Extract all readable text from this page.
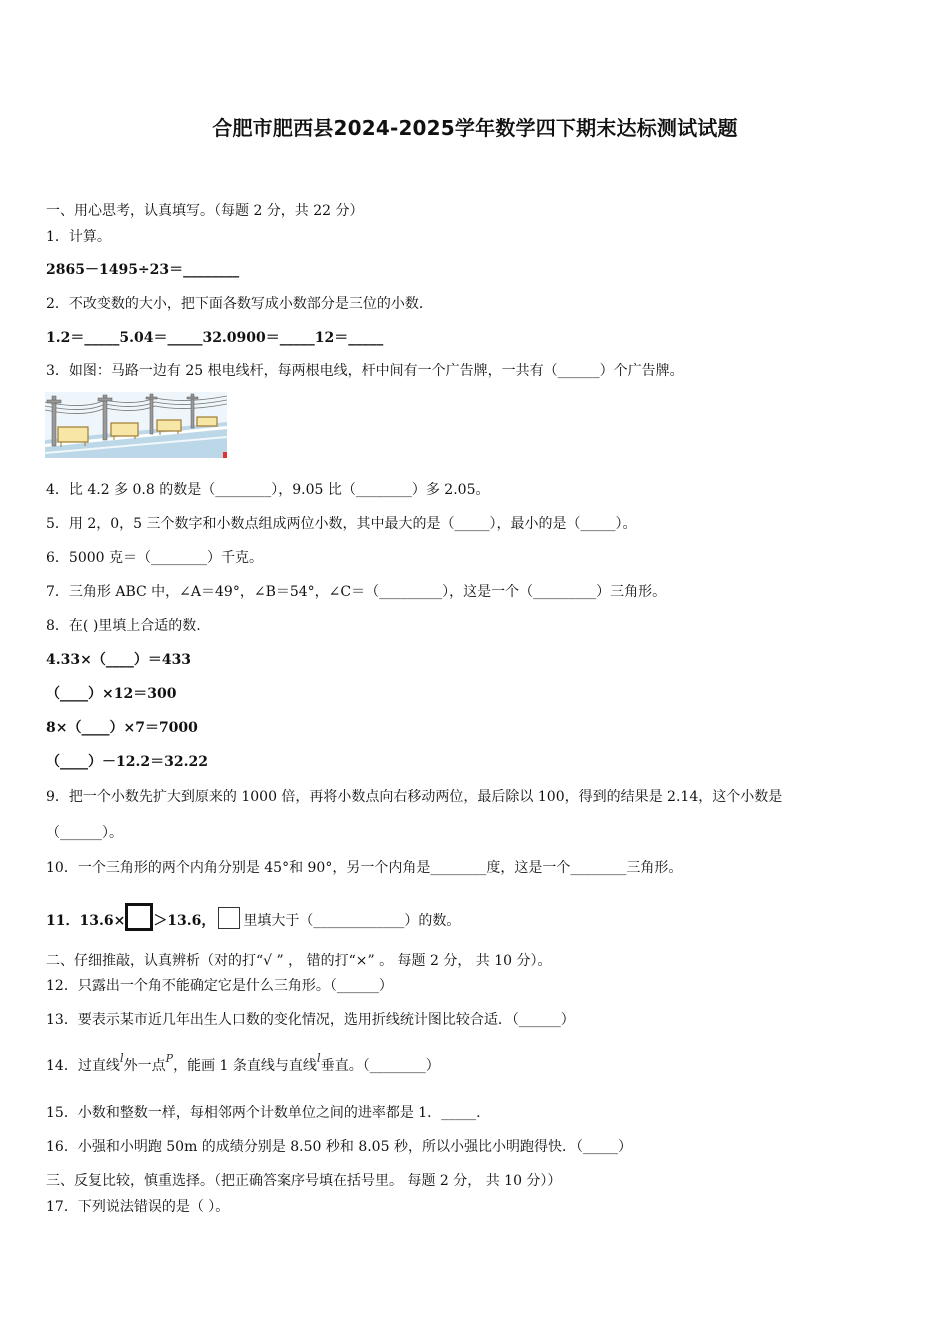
合肥市肥西县2024-2025学年数学四下期末达标测试试题
一、用心思考，认真填写。（每题 2 分，共 22 分）
1．计算。
2865－1495÷23＝________
2．不改变数的大小，把下面各数写成小数部分是三位的小数．
1.2＝_____5.04＝_____32.0900＝_____12＝_____
3．如图：马路一边有 25 根电线杆，每两根电线，杆中间有一个广告牌，一共有（______）个广告牌。
4．比 4.2 多 0.8 的数是（________），9.05 比（________）多 2.05。
5．用 2，0，5 三个数字和小数点组成两位小数，其中最大的是（_____），最小的是（_____）。
6．5000 克＝（________）千克。
7．三角形 ABC 中，∠A＝49°，∠B＝54°，∠C＝（_________），这是一个（_________）三角形。
8．在( )里填上合适的数.
4.33×（____）＝433
（____）×12＝300
8×（____）×7＝7000
（____）－12.2＝32.22
9．把一个小数先扩大到原来的 1000 倍，再将小数点向右移动两位，最后除以 100，得到的结果是 2.14，这个小数是
（______）。
10．一个三角形的两个内角分别是 45°和 90°，另一个内角是________度，这是一个________三角形。
11．13.6× ＞13.6， 里填大于（_____________）的数。
二、仔细推敲，认真辨析（对的打“√ ” ， 错的打“×” 。 每题 2 分， 共 10 分）。
12．只露出一个角不能确定它是什么三角形。（______）
13．要表示某市近几年出生人口数的变化情况，选用折线统计图比较合适．（______）
14．过直线l外一点$^P$，能画 1 条直线与直线l垂直。（________）
15．小数和整数一样，每相邻两个计数单位之间的进率都是 1．_____.
16．小强和小明跑 50m 的成绩分别是 8.50 秒和 8.05 秒，所以小强比小明跑得快．（_____）
三、反复比较，慎重选择。（把正确答案序号填在括号里。 每题 2 分， 共 10 分））
17．下列说法错误的是（ ）。
